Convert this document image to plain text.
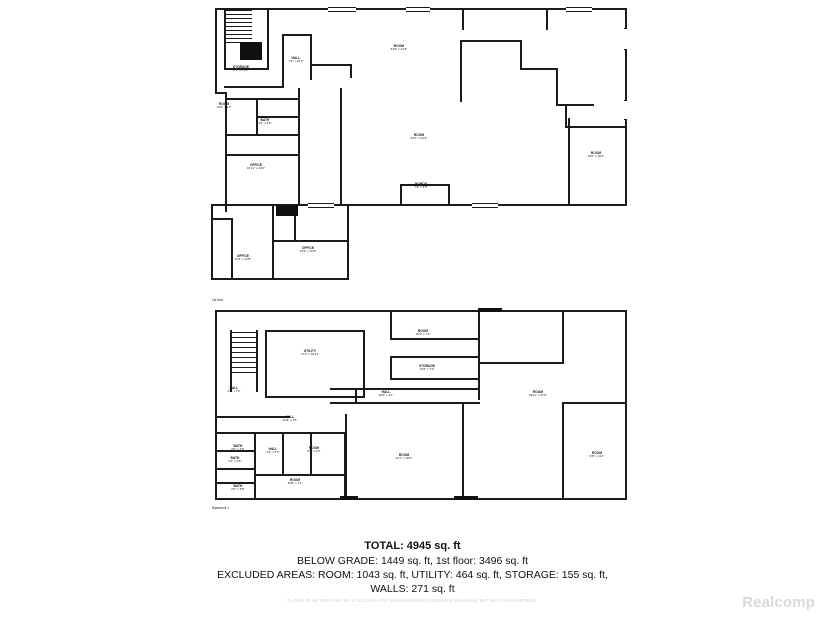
1st floor
Basement 1
TOTAL: 4945 sq. ft
BELOW GRADE: 1449 sq. ft, 1st floor: 3496 sq. ft
EXCLUDED AREAS: ROOM: 1043 sq. ft, UTILITY: 464 sq. ft, STORAGE: 155 sq. ft,
WALLS: 271 sq. ft
FLOOR PLAN CREATED BY CUBICASA APP. MEASUREMENTS DEEMED RELIABLE BUT NOT GUARANTEED.	Realcomp
STORAGE
8'2" x 5'10"
HALL
7'4" x 18'3"
ROOM
64'9" x 21'5"
ROOM
14'0" x 9'2"
BATH
4'2" x 5'9"
ROOM
64'0" x 22'3"
ROOM
10'0" x 18'2"
OFFICE
10'11" x 14'2"
PORCH
7'8" x 5'5"
OFFICE
13'6" x 16'8"
OFFICE
11'0" x 16'8"
ROOM
16'5" x 7'4"
UTILITY
27'0" x 18'11"
STORAGE
16'0" x 7'3"
HALL
4'2" x 7'4"	HALL
28'6" x 4'1"
ROOM
32'11" x 37'8"
HALL
22'8" x 3'6"
BATH
6'5" x 4'5"	HALL
4'2" x 5'3"
ROOM
5'6" x 5'3"
ROOM
24'7" x 18'0"
ROOM
9'8" x 14'1"
BATH
5'1" x 4'5"
ROOM
16'8" x 7'1"
BATH
6'5" x 3'8"
